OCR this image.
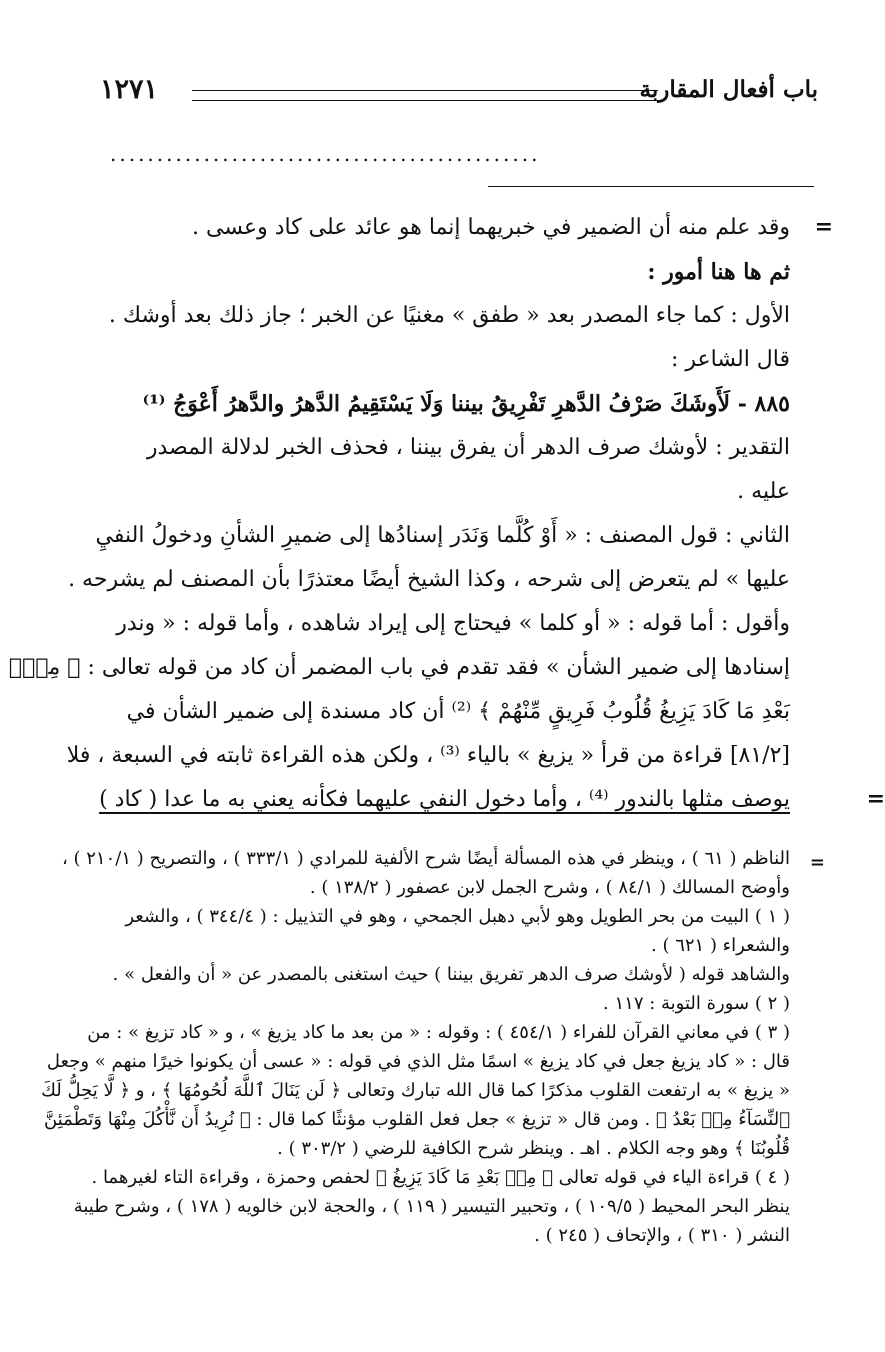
باب أفعال المقاربة
١٢٧١
..............................................
=
=
وقد علم منه أن الضمير في خبريهما إنما هو عائد على كاد وعسى .
ثم ها هنا أمور :
الأول : كما جاء المصدر بعد « طفق » مغنيًا عن الخبر ؛ جاز ذلك بعد أوشك .
قال الشاعر :
٨٨٥ - لَأَوشَكَ صَرْفُ الدَّهرِ تَفْرِيقُ بيننا وَلَا يَسْتَقِيمُ الدَّهرُ والدَّهرُ أَعْوَجُ ⁽¹⁾
التقدير : لأوشك صرف الدهر أن يفرق بيننا ، فحذف الخبر لدلالة المصدر
عليه .
الثاني : قول المصنف : « أَوْ كُلَّما وَنَدَر إسنادُها إلى ضميرِ الشأنِ ودخولُ النفيِ
عليها » لم يتعرض إلى شرحه ، وكذا الشيخ أيضًا معتذرًا بأن المصنف لم يشرحه .
وأقول : أما قوله : « أو كلما » فيحتاج إلى إيراد شاهده ، وأما قوله : « وندر
إسنادها إلى ضمير الشأن » فقد تقدم في باب المضمر أن كاد من قوله تعالى : ﴿ مِنْۢ
بَعْدِ مَا كَادَ يَزِيغُ قُلُوبُ فَرِيقٍ مِّنْهُمْ ﴾ ⁽²⁾ أن كاد مسندة إلى ضمير الشأن في
[٨١/٢] قراءة من قرأ « يزيغ » بالياء ⁽³⁾ ، ولكن هذه القراءة ثابته في السبعة ، فلا
يوصف مثلها بالندور ⁽⁴⁾ ، وأما دخول النفي عليهما فكأنه يعني به ما عدا ( كاد )
=
الناظم ( ٦١ ) ، وينظر في هذه المسألة أيضًا شرح الألفية للمرادي ( ٣٣٣/١ ) ، والتصريح ( ٢١٠/١ ) ،
وأوضح المسالك ( ٨٤/١ ) ، وشرح الجمل لابن عصفور ( ١٣٨/٢ ) .
( ١ ) البيت من بحر الطويل وهو لأبي دهبل الجمحي ، وهو في التذييل : ( ٣٤٤/٤ ) ، والشعر
والشعراء ( ٦٢١ ) .
والشاهد قوله ( لأوشك صرف الدهر تفريق بيننا ) حيث استغنى بالمصدر عن « أن والفعل » .
( ٢ ) سورة التوبة : ١١٧ .
( ٣ ) في معاني القرآن للفراء ( ٤٥٤/١ ) : وقوله : « من بعد ما كاد يزيغ » ، و « كاد تزيغ » : من
قال : « كاد يزيغ جعل في كاد يزيغ » اسمًا مثل الذي في قوله : « عسى أن يكونوا خيرًا منهم » وجعل
« يزيغ » به ارتفعت القلوب مذكرًا كما قال الله تبارك وتعالى ﴿ لَن يَنَالَ ٱللَّهَ لُحُومُهَا ﴾ ، و ﴿ لَّا يَحِلُّ لَكَ
ٱلنِّسَآءُ مِنۢ بَعْدُ ﴾ . ومن قال « تزيغ » جعل فعل القلوب مؤنثًا كما قال : ﴿ نُرِيدُ أَن نَّأْكُلَ مِنْهَا وَتَطْمَئِنَّ
قُلُوبُنَا ﴾ وهو وجه الكلام . اهـ . وينظر شرح الكافية للرضي ( ٣٠٣/٢ ) .
( ٤ ) قراءة الياء في قوله تعالى ﴿ مِنۢ بَعْدِ مَا كَادَ يَزِيغُ ﴾ لحفص وحمزة ، وقراءة التاء لغيرهما .
ينظر البحر المحيط ( ١٠٩/٥ ) ، وتحبير التيسير ( ١١٩ ) ، والحجة لابن خالويه ( ١٧٨ ) ، وشرح طيبة
النشر ( ٣١٠ ) ، والإتحاف ( ٢٤٥ ) .
